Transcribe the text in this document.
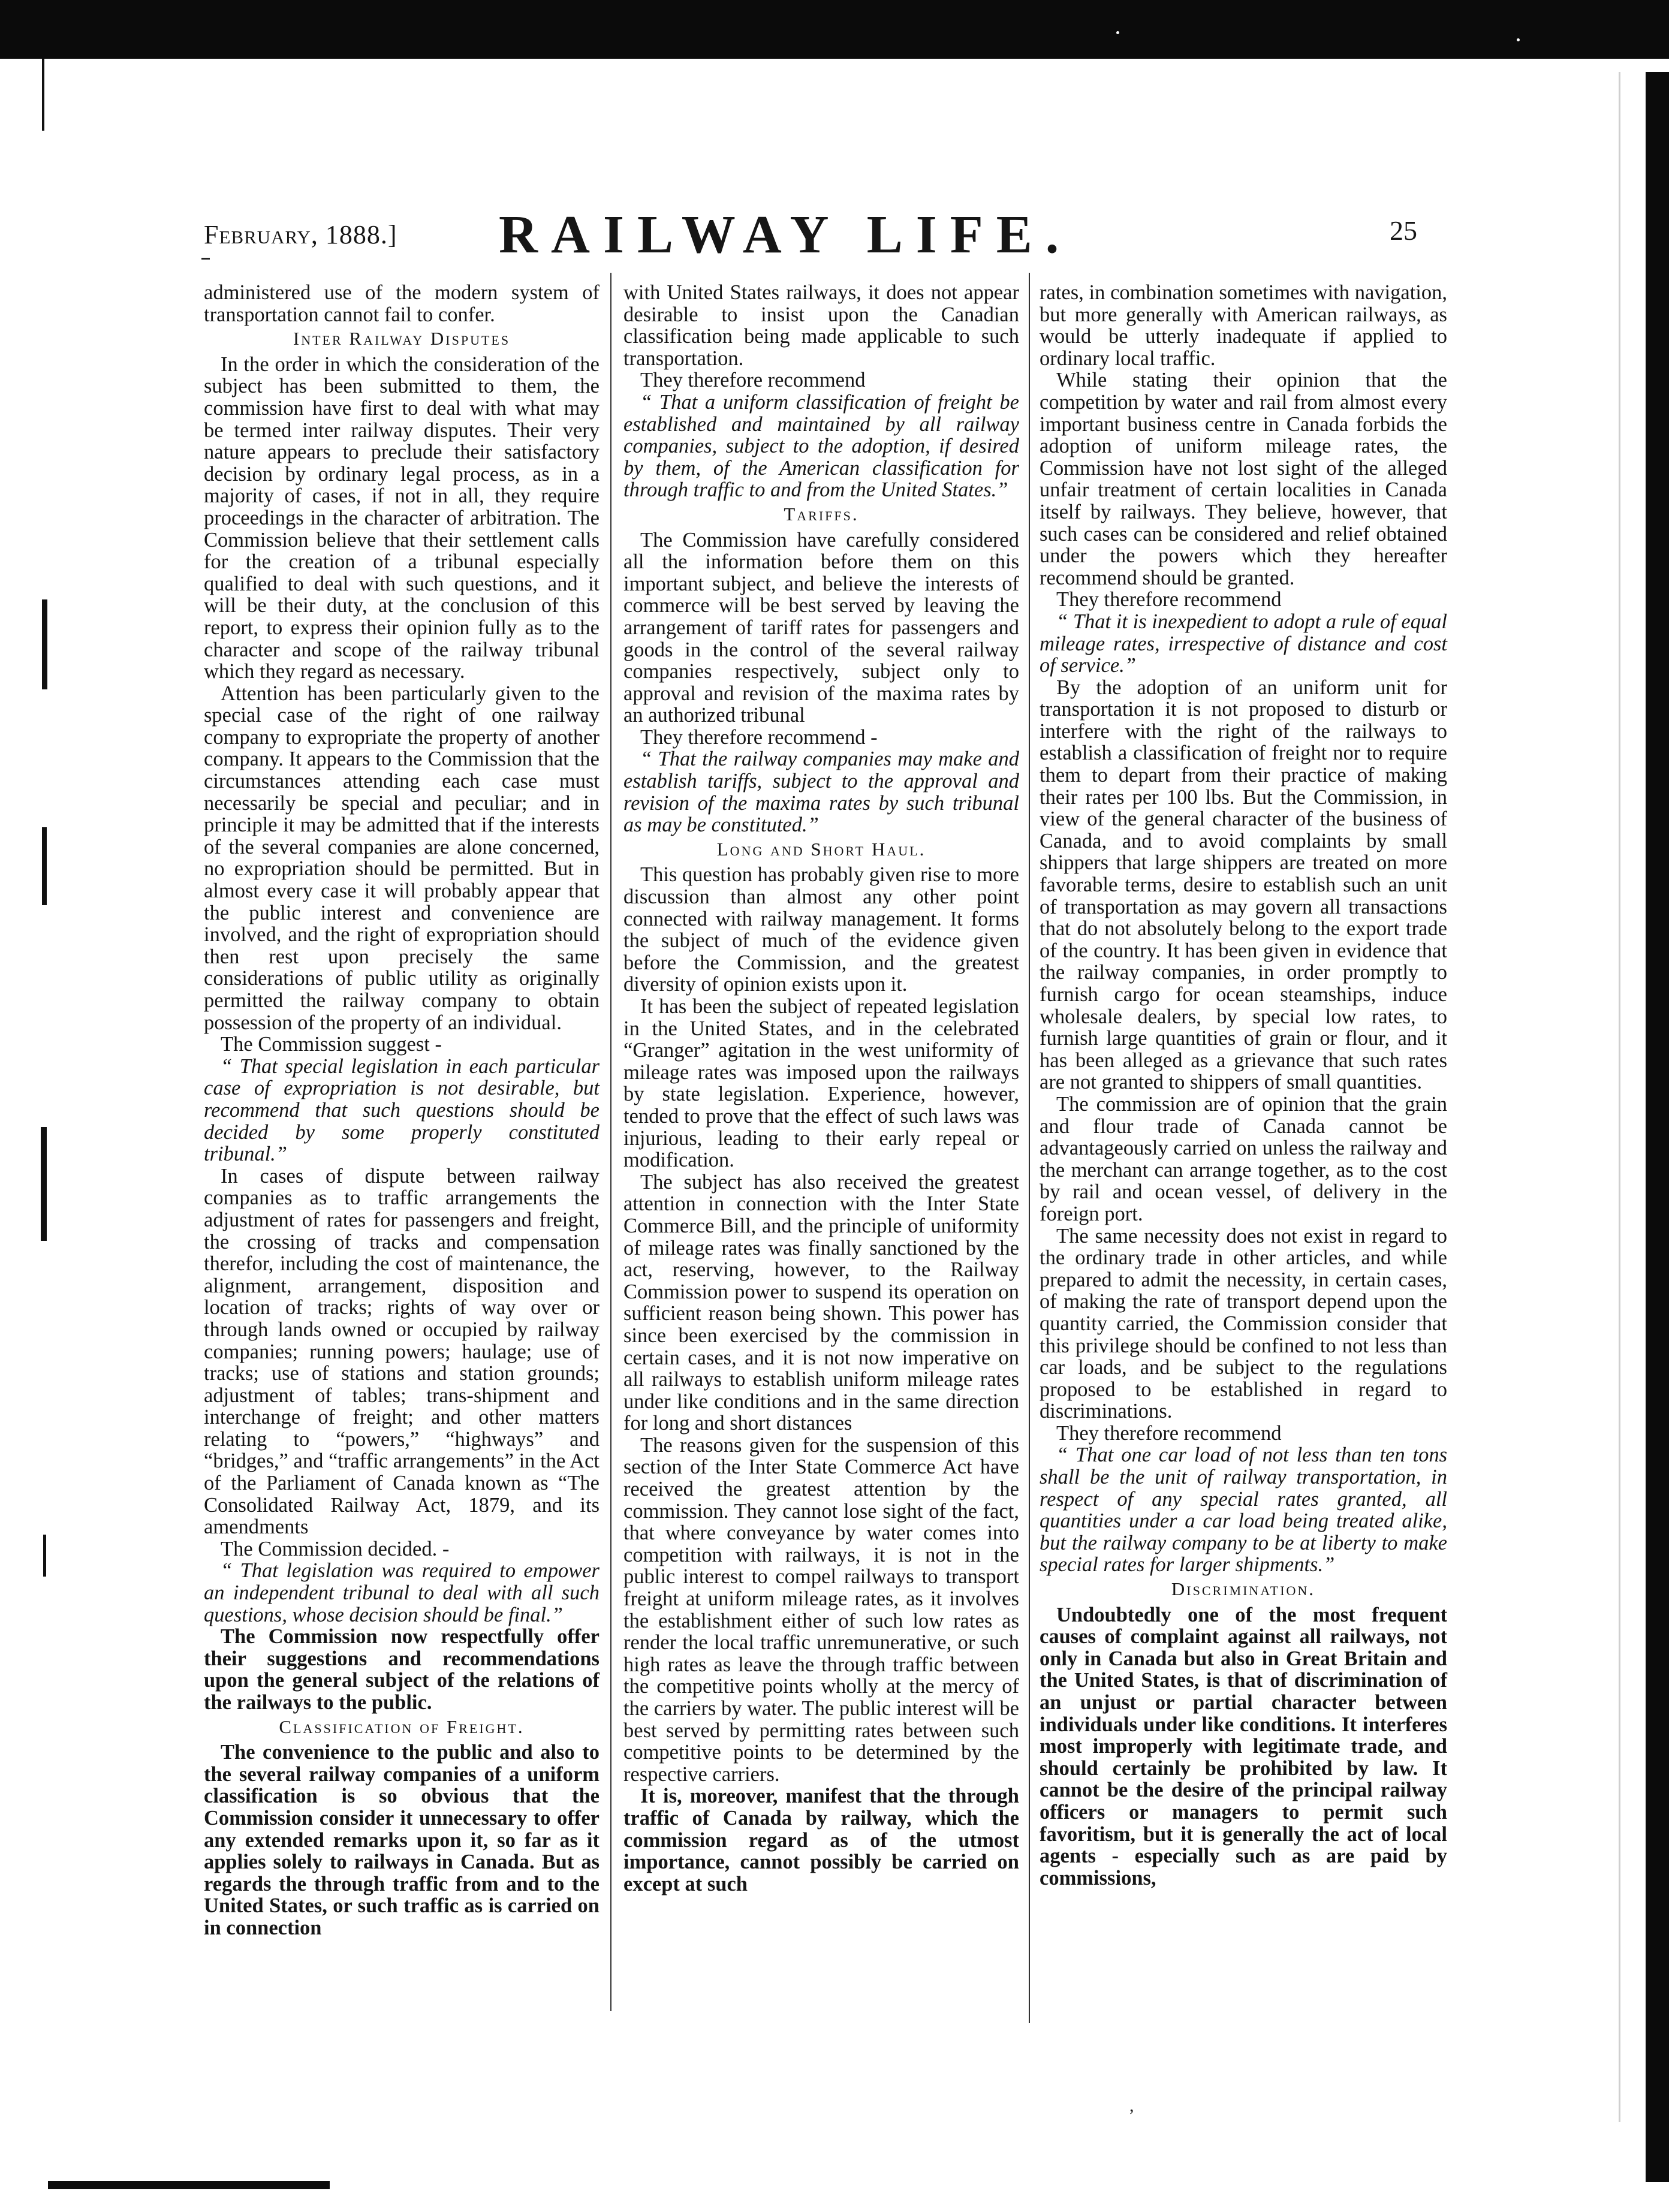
February, 1888.] RAILWAY LIFE.	25

administered use of the modern system of transportation cannot fail to confer.

Inter Railway Disputes

In the order in which the consideration of the subject has been submitted to them, the commission have first to deal with what may be termed inter railway disputes. Their very nature appears to preclude their satisfactory decision by ordinary legal process, as in a majority of cases, if not in all, they require proceedings in the character of arbitration. The Commission believe that their settlement calls for the creation of a tribunal especially qualified to deal with such questions, and it will be their duty, at the conclusion of this report, to express their opinion fully as to the character and scope of the railway tribunal which they regard as necessary.

Attention has been particularly given to the special case of the right of one railway company to expropriate the property of another company. It appears to the Commission that the circumstances attending each case must necessarily be special and peculiar; and in principle it may be admitted that if the interests of the several companies are alone concerned, no expropriation should be permitted. But in almost every case it will probably appear that the public interest and convenience are involved, and the right of expropriation should then rest upon precisely the same considerations of public utility as originally permitted the railway company to obtain possession of the property of an individual.

The Commission suggest -

“ That special legislation in each particular case of expropriation is not desirable, but recommend that such questions should be decided by some properly constituted tribunal.”

In cases of dispute between railway companies as to traffic arrangements the adjustment of rates for passengers and freight, the crossing of tracks and compensation therefor, including the cost of maintenance, the alignment, arrangement, disposition and location of tracks; rights of way over or through lands owned or occupied by railway companies; running powers; haulage; use of tracks; use of stations and station grounds; adjustment of tables; trans-shipment and interchange of freight; and other matters relating to “powers,” “highways” and “bridges,” and “traffic arrangements” in the Act of the Parliament of Canada known as “The Consolidated Railway Act, 1879, and its amendments

The Commission decided. -

“ That legislation was required to empower an independent tribunal to deal with all such questions, whose decision should be final.”

The Commission now respectfully offer their suggestions and recommendations upon the general subject of the relations of the railways to the public.

Classification of Freight.

The convenience to the public and also to the several railway companies of a uniform classification is so obvious that the Commission consider it unnecessary to offer any extended remarks upon it, so far as it applies solely to railways in Canada. But as regards the through traffic from and to the United States, or such traffic as is carried on in connection

with United States railways, it does not appear desirable to insist upon the Canadian classification being made applicable to such transportation.

They therefore recommend

“ That a uniform classification of freight be established and maintained by all railway companies, subject to the adoption, if desired by them, of the American classification for through traffic to and from the United States.”

Tariffs.

The Commission have carefully considered all the information before them on this important subject, and believe the interests of commerce will be best served by leaving the arrangement of tariff rates for passengers and goods in the control of the several railway companies respectively, subject only to approval and revision of the maxima rates by an authorized tribunal

They therefore recommend -

“ That the railway companies may make and establish tariffs, subject to the approval and revision of the maxima rates by such tribunal as may be constituted.”

Long and Short Haul.

This question has probably given rise to more discussion than almost any other point connected with railway management. It forms the subject of much of the evidence given before the Commission, and the greatest diversity of opinion exists upon it.

It has been the subject of repeated legislation in the United States, and in the celebrated “Granger” agitation in the west uniformity of mileage rates was imposed upon the railways by state legislation. Experience, however, tended to prove that the effect of such laws was injurious, leading to their early repeal or modification.

The subject has also received the greatest attention in connection with the Inter State Commerce Bill, and the principle of uniformity of mileage rates was finally sanctioned by the act, reserving, however, to the Railway Commission power to suspend its operation on sufficient reason being shown. This power has since been exercised by the commission in certain cases, and it is not now imperative on all railways to establish uniform mileage rates under like conditions and in the same direction for long and short distances

The reasons given for the suspension of this section of the Inter State Commerce Act have received the greatest attention by the commission. They cannot lose sight of the fact, that where conveyance by water comes into competition with railways, it is not in the public interest to compel railways to transport freight at uniform mileage rates, as it involves the establishment either of such low rates as render the local traffic unremunerative, or such high rates as leave the through traffic between the competitive points wholly at the mercy of the carriers by water. The public interest will be best served by permitting rates between such competitive points to be determined by the respective carriers.

It is, moreover, manifest that the through traffic of Canada by railway, which the commission regard as of the utmost importance, cannot possibly be carried on except at such

rates, in combination sometimes with navigation, but more generally with American railways, as would be utterly inadequate if applied to ordinary local traffic.

While stating their opinion that the competition by water and rail from almost every important business centre in Canada forbids the adoption of uniform mileage rates, the Commission have not lost sight of the alleged unfair treatment of certain localities in Canada itself by railways. They believe, however, that such cases can be considered and relief obtained under the powers which they hereafter recommend should be granted.

They therefore recommend

“ That it is inexpedient to adopt a rule of equal mileage rates, irrespective of distance and cost of service.”

By the adoption of an uniform unit for transportation it is not proposed to disturb or interfere with the right of the railways to establish a classification of freight nor to require them to depart from their practice of making their rates per 100 lbs. But the Commission, in view of the general character of the business of Canada, and to avoid complaints by small shippers that large shippers are treated on more favorable terms, desire to establish such an unit of transportation as may govern all transactions that do not absolutely belong to the export trade of the country. It has been given in evidence that the railway companies, in order promptly to furnish cargo for ocean steamships, induce wholesale dealers, by special low rates, to furnish large quantities of grain or flour, and it has been alleged as a grievance that such rates are not granted to shippers of small quantities.

The commission are of opinion that the grain and flour trade of Canada cannot be advantageously carried on unless the railway and the merchant can arrange together, as to the cost by rail and ocean vessel, of delivery in the foreign port.

The same necessity does not exist in regard to the ordinary trade in other articles, and while prepared to admit the necessity, in certain cases, of making the rate of transport depend upon the quantity carried, the Commission consider that this privilege should be confined to not less than car loads, and be subject to the regulations proposed to be established in regard to discriminations.

They therefore recommend

“ That one car load of not less than ten tons shall be the unit of railway transportation, in respect of any special rates granted, all quantities under a car load being treated alike, but the railway company to be at liberty to make special rates for larger shipments.”

Discrimination.

Undoubtedly one of the most frequent causes of complaint against all railways, not only in Canada but also in Great Britain and the United States, is that of discrimination of an unjust or partial character between individuals under like conditions. It interferes most improperly with legitimate trade, and should certainly be prohibited by law. It cannot be the desire of the principal railway officers or managers to permit such favoritism, but it is generally the act of local agents - especially such as are paid by commissions,

,
